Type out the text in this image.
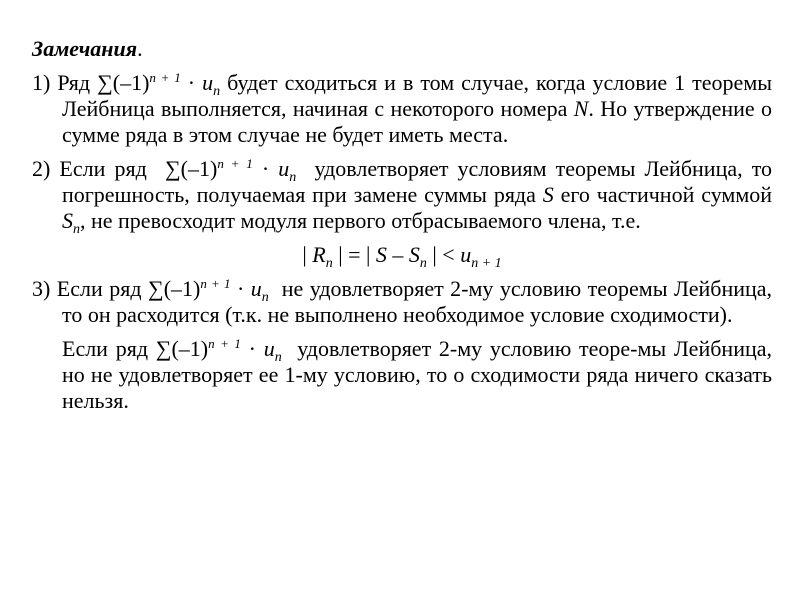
Замечания.
1) Ряд $\sum(-1)^{n + 1} \cdot u_n$ будет сходиться и в том случае, когда условие 1 теоремы Лейбница выполняется, начиная с некоторого номера N. Но утверждение о сумме ряда в этом случае не будет иметь места.
2) Если ряд $\sum(-1)^{n + 1} \cdot u_n$ удовлетворяет условиям теоремы Лейбница, то погрешность, получаемая при замене суммы ряда S его частичной суммой $S_n$, не превосходит модуля первого отбрасываемого члена, т.е.
| $R_n$ | = | S – $S_n$ | < $u_{n + 1}$
3) Если ряд $\sum(-1)^{n + 1} \cdot u_n$ не удовлетворяет 2-му условию теоремы Лейбница, то он расходится (т.к. не выполнено необходимое условие сходимости).
Если ряд $\sum(-1)^{n + 1} \cdot u_n$ удовлетворяет 2-му условию теоре-мы Лейбница, но не удовлетворяет ее 1-му условию, то о сходимости ряда ничего сказать нельзя.
